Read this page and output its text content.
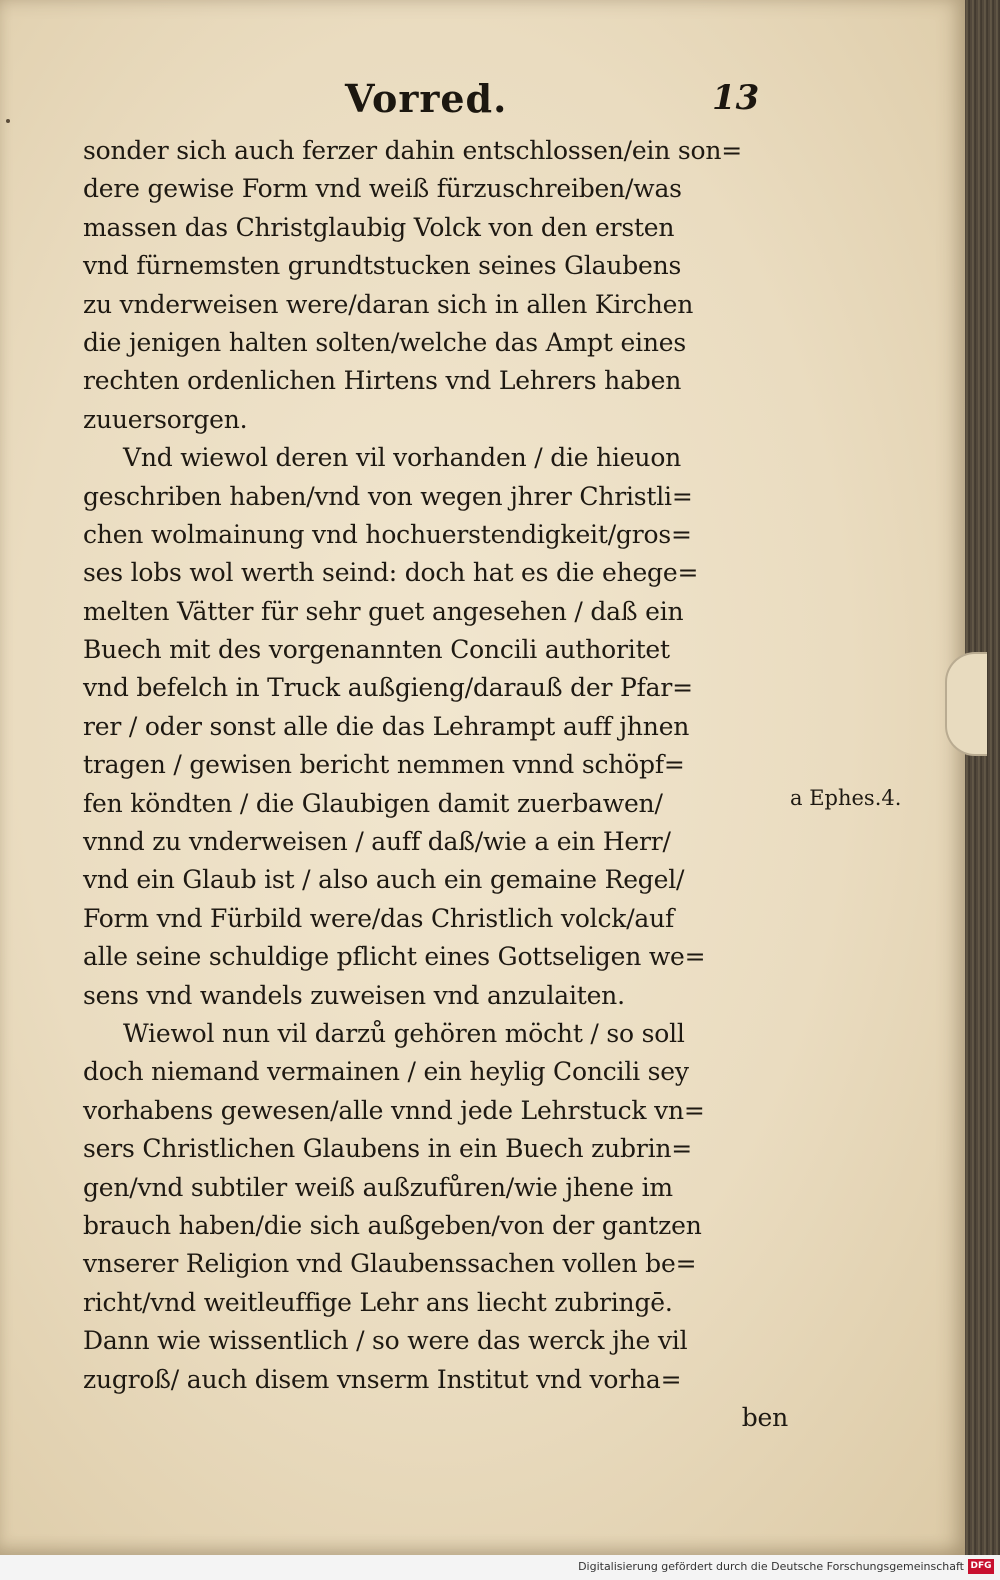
Vorred.	13
sonder sich auch ferzer dahin entschlossen/ein son=
dere gewise Form vnd weiß fürzuschreiben/was
massen das Christglaubig Volck von den ersten
vnd fürnemsten grundtstucken seines Glaubens
zu vnderweisen were/daran sich in allen Kirchen
die jenigen halten solten/welche das Ampt eines
rechten ordenlichen Hirtens vnd Lehrers haben
zuuersorgen.
Vnd wiewol deren vil vorhanden / die hieuon
geschriben haben/vnd von wegen jhrer Christli=
chen wolmainung vnd hochuerstendigkeit/gros=
ses lobs wol werth seind: doch hat es die ehege=
melten Vätter für sehr guet angesehen / daß ein
Buech mit des vorgenannten Concili authoritet
vnd befelch in Truck außgieng/darauß der Pfar=
rer / oder sonst alle die das Lehrampt auff jhnen
tragen / gewisen bericht nemmen vnnd schöpf=
fen köndten / die Glaubigen damit zuerbawen/
vnnd zu vnderweisen / auff daß/wie a ein Herr/
vnd ein Glaub ist / also auch ein gemaine Regel/
Form vnd Fürbild were/das Christlich volck/auf
alle seine schuldige pflicht eines Gottseligen we=
sens vnd wandels zuweisen vnd anzulaiten.
Wiewol nun vil darzů gehören möcht / so soll
doch niemand vermainen / ein heylig Concili sey
vorhabens gewesen/alle vnnd jede Lehrstuck vn=
sers Christlichen Glaubens in ein Buech zubrin=
gen/vnd subtiler weiß außzufůren/wie jhene im
brauch haben/die sich außgeben/von der gantzen
vnserer Religion vnd Glaubenssachen vollen be=
richt/vnd weitleuffige Lehr ans liecht zubringē.
Dann wie wissentlich / so were das werck jhe vil
zugroß/ auch disem vnserm Institut vnd vorha=
ben
a Ephes.4.
Digitalisierung gefördert durch die Deutsche Forschungsgemeinschaft DFG
